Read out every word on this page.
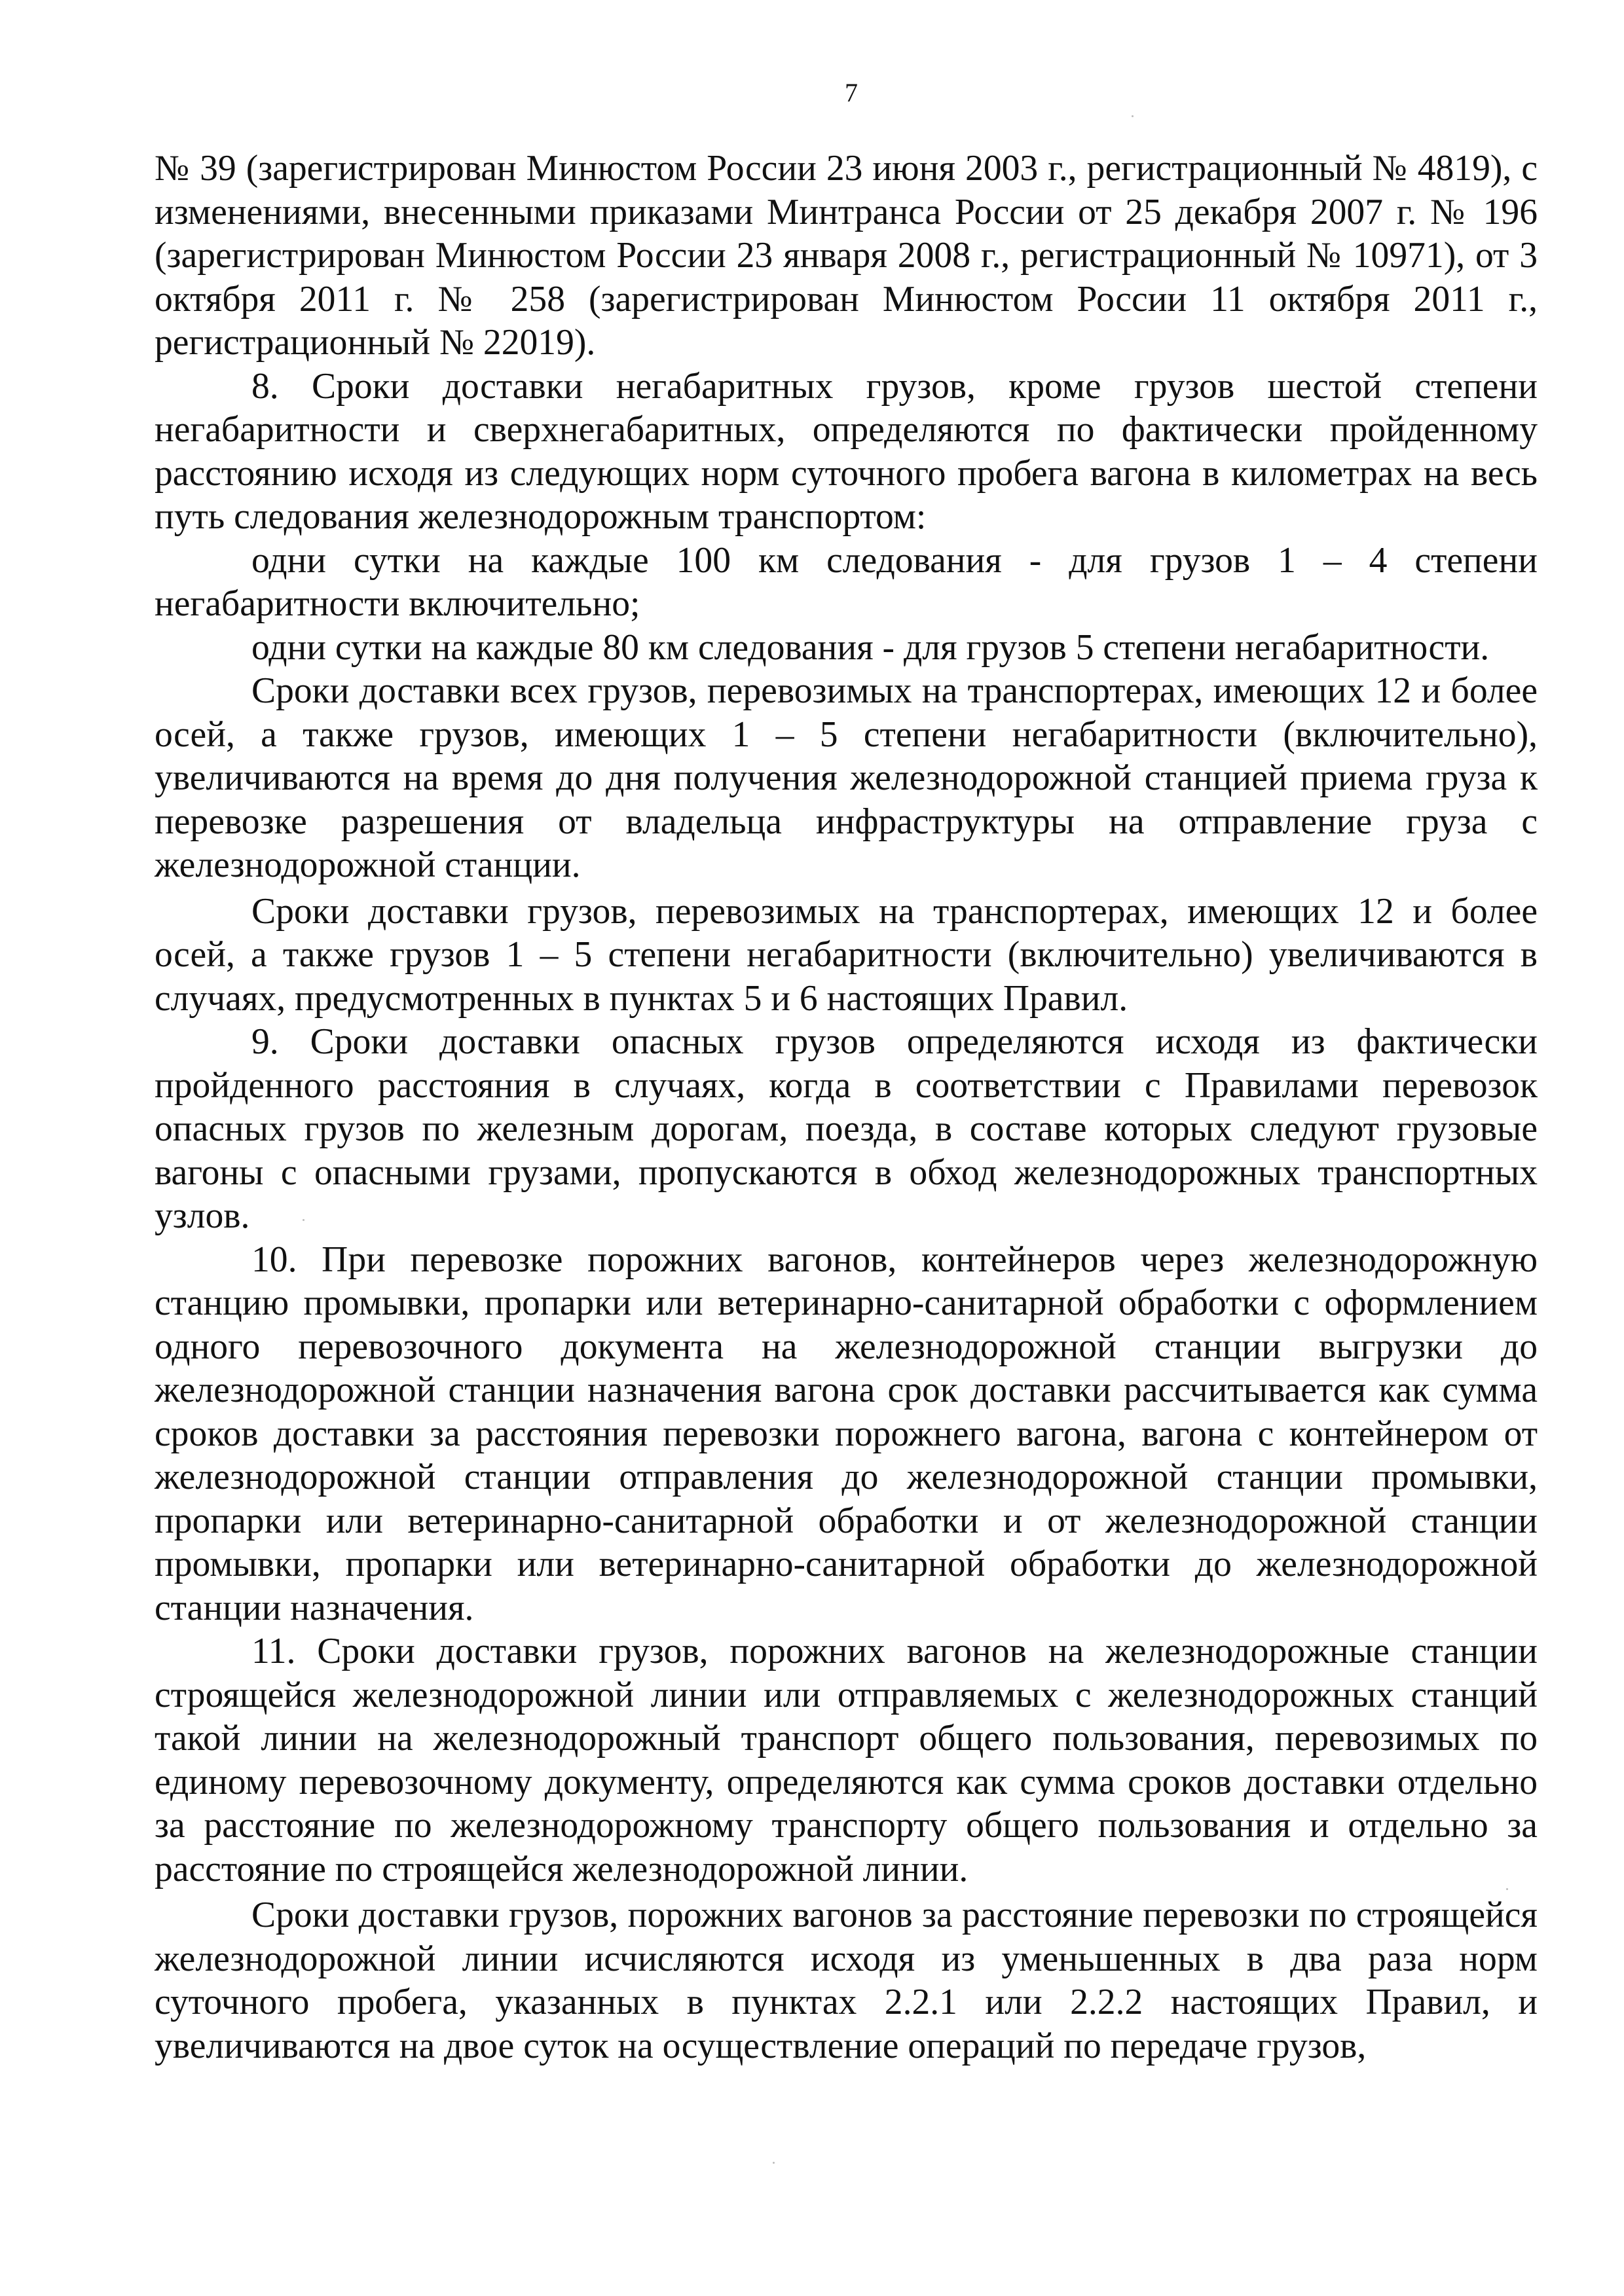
7

№ 39 (зарегистрирован Минюстом России 23 июня 2003 г., регистрационный № 4819), с изменениями, внесенными приказами Минтранса России от 25 декабря 2007 г. № 196 (зарегистрирован Минюстом России 23 января 2008 г., регистрационный № 10971), от 3 октября 2011 г. № 258 (зарегистрирован Минюстом России 11 октября 2011 г., регистрационный № 22019).

8. Сроки доставки негабаритных грузов, кроме грузов шестой степени негабаритности и сверхнегабаритных, определяются по фактически пройденному расстоянию исходя из следующих норм суточного пробега вагона в километрах на весь путь следования железнодорожным транспортом:

одни сутки на каждые 100 км следования - для грузов 1 – 4 степени негабаритности включительно;

одни сутки на каждые 80 км следования - для грузов 5 степени негабаритности.

Сроки доставки всех грузов, перевозимых на транспортерах, имеющих 12 и более осей, а также грузов, имеющих 1 – 5 степени негабаритности (включительно), увеличиваются на время до дня получения железнодорожной станцией приема груза к перевозке разрешения от владельца инфраструктуры на отправление груза с железнодорожной станции.

Сроки доставки грузов, перевозимых на транспортерах, имеющих 12 и более осей, а также грузов 1 – 5 степени негабаритности (включительно) увеличиваются в случаях, предусмотренных в пунктах 5 и 6 настоящих Правил.

9. Сроки доставки опасных грузов определяются исходя из фактически пройденного расстояния в случаях, когда в соответствии с Правилами перевозок опасных грузов по железным дорогам, поезда, в составе которых следуют грузовые вагоны с опасными грузами, пропускаются в обход железнодорожных транспортных узлов.

10. При перевозке порожних вагонов, контейнеров через железнодорожную станцию промывки, пропарки или ветеринарно-санитарной обработки с оформлением одного перевозочного документа на железнодорожной станции выгрузки до железнодорожной станции назначения вагона срок доставки рассчитывается как сумма сроков доставки за расстояния перевозки порожнего вагона, вагона с контейнером от железнодорожной станции отправления до железнодорожной станции промывки, пропарки или ветеринарно-санитарной обработки и от железнодорожной станции промывки, пропарки или ветеринарно-санитарной обработки до железнодорожной станции назначения.

11. Сроки доставки грузов, порожних вагонов на железнодорожные станции строящейся железнодорожной линии или отправляемых с железнодорожных станций такой линии на железнодорожный транспорт общего пользования, перевозимых по единому перевозочному документу, определяются как сумма сроков доставки отдельно за расстояние по железнодорожному транспорту общего пользования и отдельно за расстояние по строящейся железнодорожной линии.

Сроки доставки грузов, порожних вагонов за расстояние перевозки по строящейся железнодорожной линии исчисляются исходя из уменьшенных в два раза норм суточного пробега, указанных в пунктах 2.2.1 или 2.2.2 настоящих Правил, и увеличиваются на двое суток на осуществление операций по передаче грузов,
